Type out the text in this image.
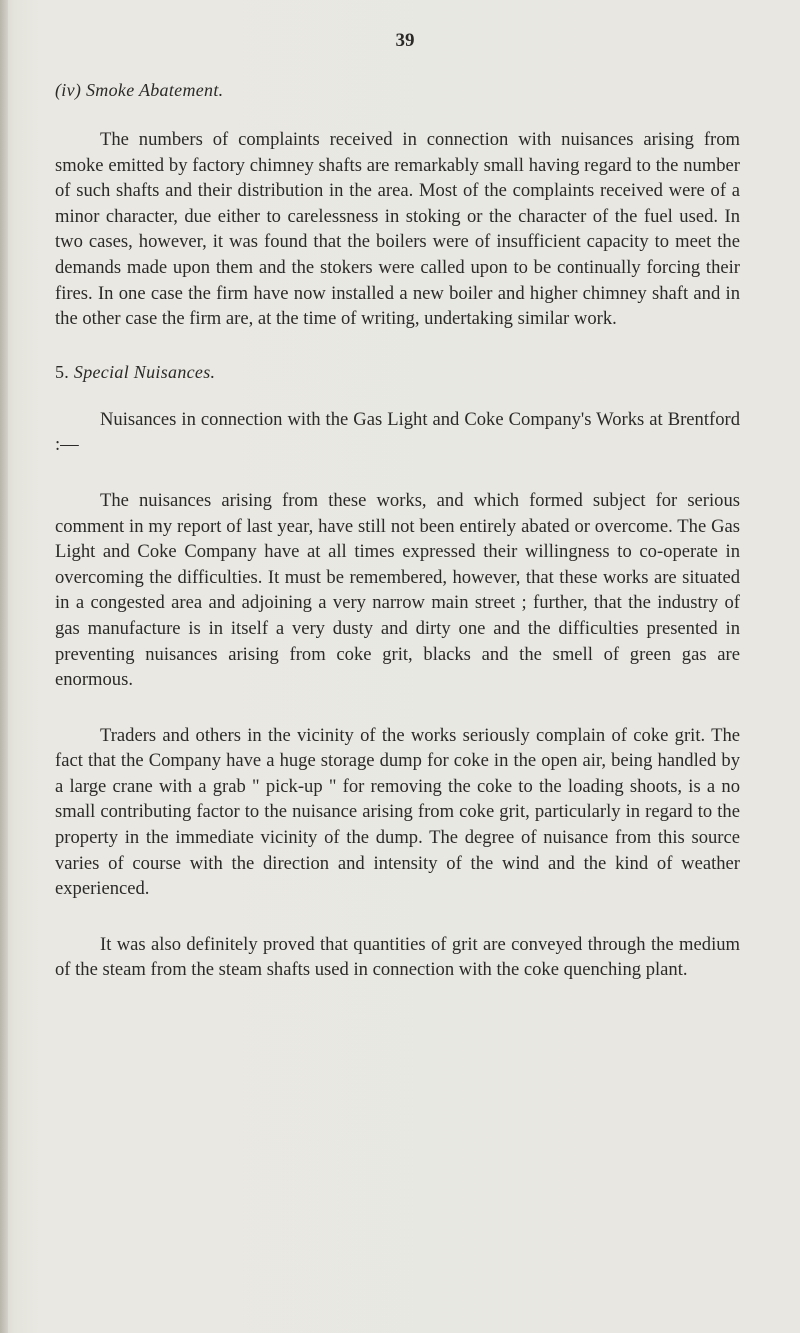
39
(iv) Smoke Abatement.

The numbers of complaints received in connection with nuisances arising from smoke emitted by factory chimney shafts are remarkably small having regard to the number of such shafts and their distribution in the area. Most of the complaints received were of a minor character, due either to carelessness in stoking or the character of the fuel used. In two cases, however, it was found that the boilers were of insufficient capacity to meet the demands made upon them and the stokers were called upon to be continually forcing their fires. In one case the firm have now installed a new boiler and higher chimney shaft and in the other case the firm are, at the time of writing, undertaking similar work.

5. Special Nuisances.

Nuisances in connection with the Gas Light and Coke Company's Works at Brentford :—

The nuisances arising from these works, and which formed subject for serious comment in my report of last year, have still not been entirely abated or overcome. The Gas Light and Coke Company have at all times expressed their willingness to co-operate in overcoming the difficulties. It must be remembered, however, that these works are situated in a congested area and adjoining a very narrow main street ; further, that the industry of gas manufacture is in itself a very dusty and dirty one and the difficulties presented in preventing nuisances arising from coke grit, blacks and the smell of green gas are enormous.

Traders and others in the vicinity of the works seriously complain of coke grit. The fact that the Company have a huge storage dump for coke in the open air, being handled by a large crane with a grab " pick-up " for removing the coke to the loading shoots, is a no small contributing factor to the nuisance arising from coke grit, particularly in regard to the property in the immediate vicinity of the dump. The degree of nuisance from this source varies of course with the direction and intensity of the wind and the kind of weather experienced.

It was also definitely proved that quantities of grit are conveyed through the medium of the steam from the steam shafts used in connection with the coke quenching plant.
